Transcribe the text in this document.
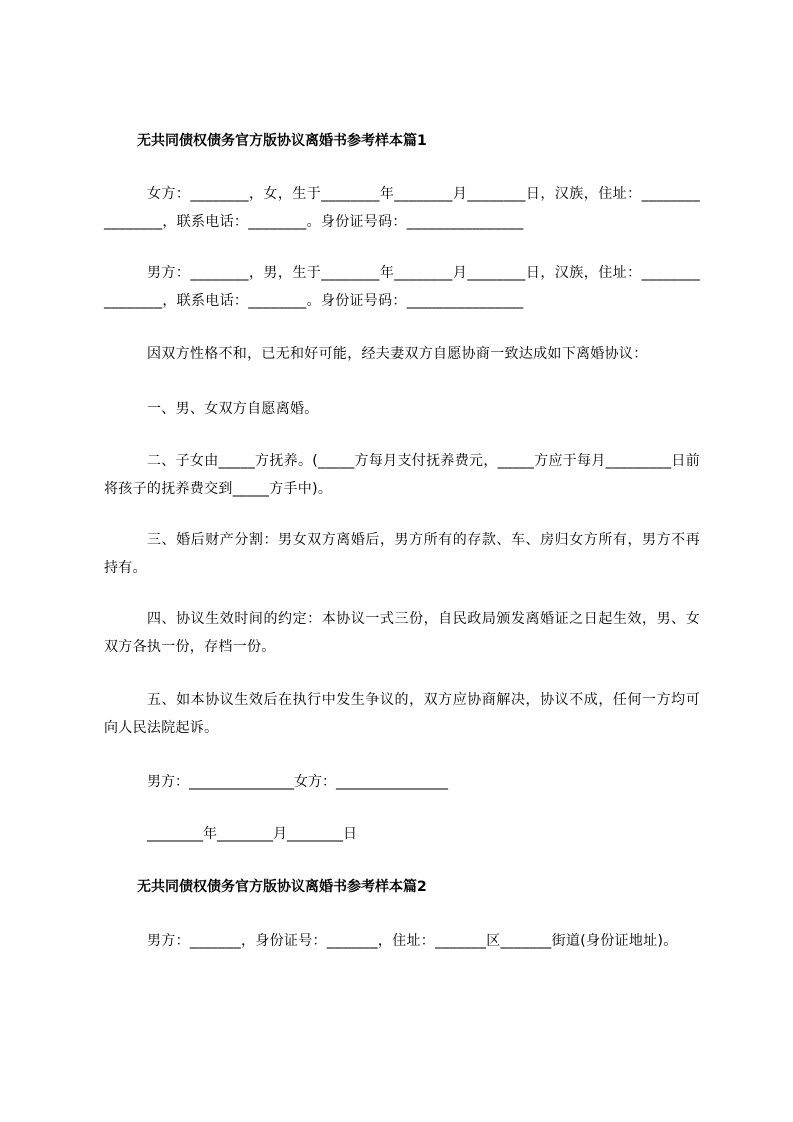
无共同债权债务官方版协议离婚书参考样本篇1
女方：________，女，生于________年________月________日，汉族，住址：________________，联系电话：________。身份证号码：________________
男方：________，男，生于________年________月________日，汉族，住址：________________，联系电话：________。身份证号码：________________
因双方性格不和，已无和好可能，经夫妻双方自愿协商一致达成如下离婚协议：
一、男、女双方自愿离婚。
二、子女由_____方抚养。(_____方每月支付抚养费元，_____方应于每月_________日前将孩子的抚养费交到_____方手中)。
三、婚后财产分割：男女双方离婚后，男方所有的存款、车、房归女方所有，男方不再持有。
四、协议生效时间的约定：本协议一式三份，自民政局颁发离婚证之日起生效，男、女双方各执一份，存档一份。
五、如本协议生效后在执行中发生争议的，双方应协商解决，协议不成，任何一方均可向人民法院起诉。
男方：_______________女方：________________
________年________月________日
无共同债权债务官方版协议离婚书参考样本篇2
男方：_______，身份证号：_______，住址：_______区_______街道(身份证地址)。
